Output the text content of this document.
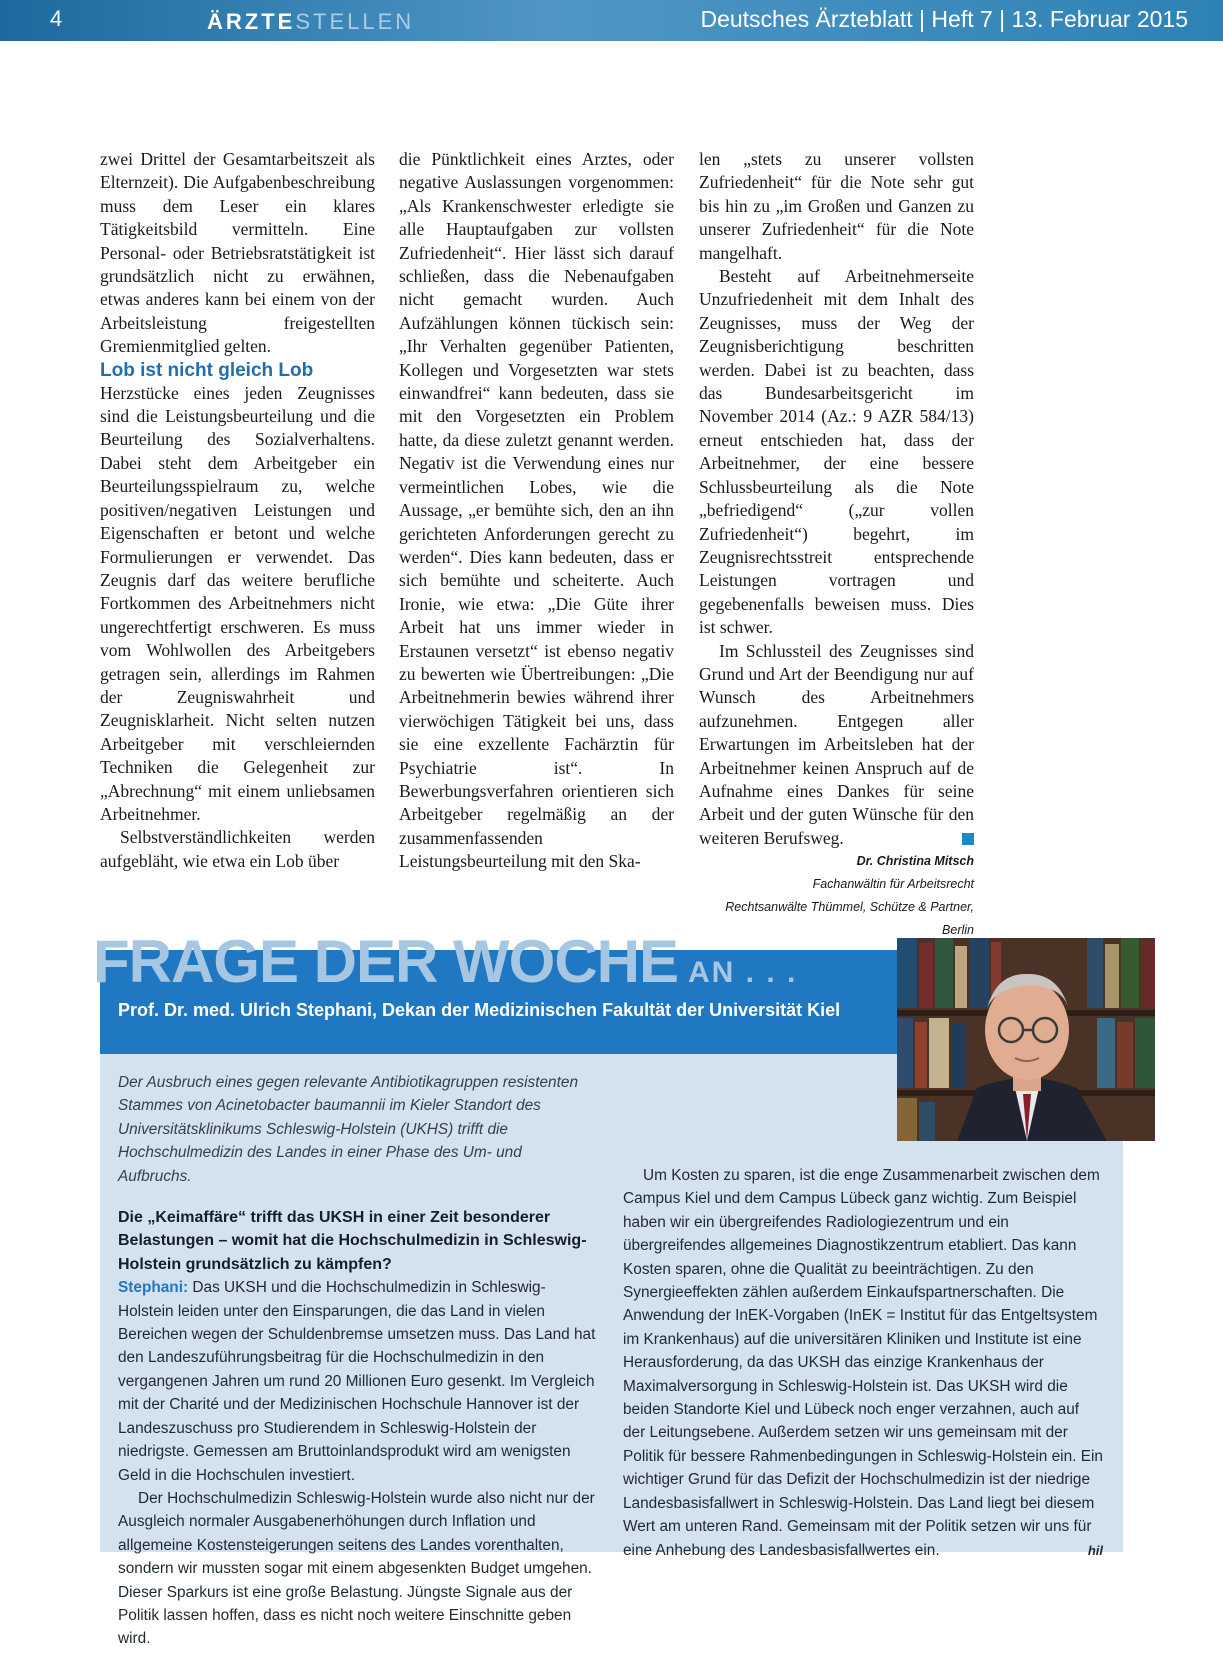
4	ÄRZTESTELLEN	Deutsches Ärzteblatt | Heft 7 | 13. Februar 2015

zwei Drittel der Gesamtarbeitszeit als Elternzeit). Die Aufgabenbeschreibung muss dem Leser ein klares Tätigkeitsbild vermitteln. Eine Personal- oder Betriebsratstätigkeit ist grundsätzlich nicht zu erwähnen, etwas anderes kann bei einem von der Arbeitsleistung freigestellten Gremienmitglied gelten.

Lob ist nicht gleich Lob

Herzstücke eines jeden Zeugnisses sind die Leistungsbeurteilung und die Beurteilung des Sozialverhaltens. Dabei steht dem Arbeitgeber ein Beurteilungsspielraum zu, welche positiven/negativen Leistungen und Eigenschaften er betont und welche Formulierungen er verwendet. Das Zeugnis darf das weitere berufliche Fortkommen des Arbeitnehmers nicht ungerechtfertigt erschweren. Es muss vom Wohlwollen des Arbeitgebers getragen sein, allerdings im Rahmen der Zeugniswahrheit und Zeugnisklarheit. Nicht selten nutzen Arbeitgeber mit verschleiernden Techniken die Gelegenheit zur „Abrechnung“ mit einem unliebsamen Arbeitnehmer.

Selbstverständlichkeiten werden aufgebläht, wie etwa ein Lob über

die Pünktlichkeit eines Arztes, oder negative Auslassungen vorgenommen: „Als Krankenschwester erledigte sie alle Hauptaufgaben zur vollsten Zufriedenheit“. Hier lässt sich darauf schließen, dass die Nebenaufgaben nicht gemacht wurden. Auch Aufzählungen können tückisch sein: „Ihr Verhalten gegenüber Patienten, Kollegen und Vorgesetzten war stets einwandfrei“ kann bedeuten, dass sie mit den Vorgesetzten ein Problem hatte, da diese zuletzt genannt werden. Negativ ist die Verwendung eines nur vermeintlichen Lobes, wie die Aussage, „er bemühte sich, den an ihn gerichteten Anforderungen gerecht zu werden“. Dies kann bedeuten, dass er sich bemühte und scheiterte. Auch Ironie, wie etwa: „Die Güte ihrer Arbeit hat uns immer wieder in Erstaunen versetzt“ ist ebenso negativ zu bewerten wie Übertreibungen: „Die Arbeitnehmerin bewies während ihrer vierwöchigen Tätigkeit bei uns, dass sie eine exzellente Fachärztin für Psychiatrie ist“. In Bewerbungsverfahren orientieren sich Arbeitgeber regelmäßig an der zusammenfassenden Leistungsbeurteilung mit den Ska-

len „stets zu unserer vollsten Zufriedenheit“ für die Note sehr gut bis hin zu „im Großen und Ganzen zu unserer Zufriedenheit“ für die Note mangelhaft.

Besteht auf Arbeitnehmerseite Unzufriedenheit mit dem Inhalt des Zeugnisses, muss der Weg der Zeugnisberichtigung beschritten werden. Dabei ist zu beachten, dass das Bundesarbeitsgericht im November 2014 (Az.: 9 AZR 584/13) erneut entschieden hat, dass der Arbeitnehmer, der eine bessere Schlussbeurteilung als die Note „befriedigend“ („zur vollen Zufriedenheit“) begehrt, im Zeugnisrechtsstreit entsprechende Leistungen vortragen und gegebenenfalls beweisen muss. Dies ist schwer.

Im Schlussteil des Zeugnisses sind Grund und Art der Beendigung nur auf Wunsch des Arbeitnehmers aufzunehmen. Entgegen aller Erwartungen im Arbeitsleben hat der Arbeitnehmer keinen Anspruch auf de Aufnahme eines Dankes für seine Arbeit und der guten Wünsche für den weiteren Berufsweg.

Dr. Christina Mitsch
Fachanwältin für Arbeitsrecht
Rechtsanwälte Thümmel, Schütze & Partner, Berlin
FRAGE DER WOCHE AN . . .
Prof. Dr. med. Ulrich Stephani, Dekan der Medizinischen Fakultät der Universität Kiel

Der Ausbruch eines gegen relevante Antibiotikagruppen resistenten Stammes von Acinetobacter baumannii im Kieler Standort des Universitätsklinikums Schleswig-Holstein (UKHS) trifft die Hochschulmedizin des Landes in einer Phase des Um- und Aufbruchs.

Die „Keimaffäre“ trifft das UKSH in einer Zeit besonderer Belastungen – womit hat die Hochschulmedizin in Schleswig-Holstein grundsätzlich zu kämpfen?

Stephani: Das UKSH und die Hochschulmedizin in Schleswig-Holstein leiden unter den Einsparungen, die das Land in vielen Bereichen wegen der Schuldenbremse umsetzen muss. Das Land hat den Landeszuführungsbeitrag für die Hochschulmedizin in den vergangenen Jahren um rund 20 Millionen Euro gesenkt. Im Vergleich mit der Charité und der Medizinischen Hochschule Hannover ist der Landeszuschuss pro Studierendem in Schleswig-Holstein der niedrigste. Gemessen am Bruttoinlandsprodukt wird am wenigsten Geld in die Hochschulen investiert.

Der Hochschulmedizin Schleswig-Holstein wurde also nicht nur der Ausgleich normaler Ausgabenerhöhungen durch Inflation und allgemeine Kostensteigerungen seitens des Landes vorenthalten, sondern wir mussten sogar mit einem abgesenkten Budget umgehen. Dieser Sparkurs ist eine große Belastung. Jüngste Signale aus der Politik lassen hoffen, dass es nicht noch weitere Einschnitte geben wird.

Um Kosten zu sparen, ist die enge Zusammenarbeit zwischen dem Campus Kiel und dem Campus Lübeck ganz wichtig. Zum Beispiel haben wir ein übergreifendes Radiologiezentrum und ein übergreifendes allgemeines Diagnostikzentrum etabliert. Das kann Kosten sparen, ohne die Qualität zu beeinträchtigen. Zu den Synergieeffekten zählen außerdem Einkaufspartnerschaften. Die Anwendung der InEK-Vorgaben (InEK = Institut für das Entgeltsystem im Krankenhaus) auf die universitären Kliniken und Institute ist eine Herausforderung, da das UKSH das einzige Krankenhaus der Maximalversorgung in Schleswig-Holstein ist. Das UKSH wird die beiden Standorte Kiel und Lübeck noch enger verzahnen, auch auf der Leitungsebene. Außerdem setzen wir uns gemeinsam mit der Politik für bessere Rahmenbedingungen in Schleswig-Holstein ein. Ein wichtiger Grund für das Defizit der Hochschulmedizin ist der niedrige Landesbasisfallwert in Schleswig-Holstein. Das Land liegt bei diesem Wert am unteren Rand. Gemeinsam mit der Politik setzen wir uns für eine Anhebung des Landesbasisfallwertes ein.	hil
